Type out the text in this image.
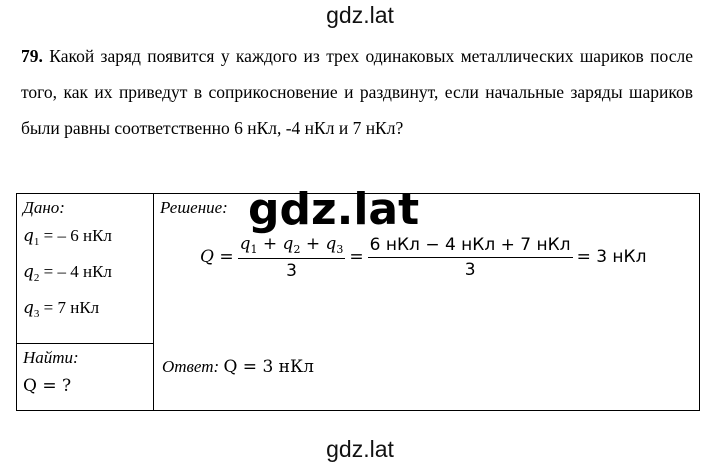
gdz.lat
79. Какой заряд появится у каждого из трех одинаковых металлических шариков после того, как их приведут в соприкосновение и раздвинут, если начальные заряды шариков были равны соответственно 6 нКл, -4 нКл и 7 нКл?
Дано:
$q_1$ = – 6 нКл
$q_2$ = – 4 нКл
$q_3 = 7$ нКл

Решение:

Найти:
Q = ?
$Q = \frac{q_1 + q_2 + q_3}{3} = \frac{\text{6 нКл − 4 нКл + 7 нКл}}{3} = 3$ нКл
Ответ: Q = 3 нКл
gdz.lat
gdz.lat
